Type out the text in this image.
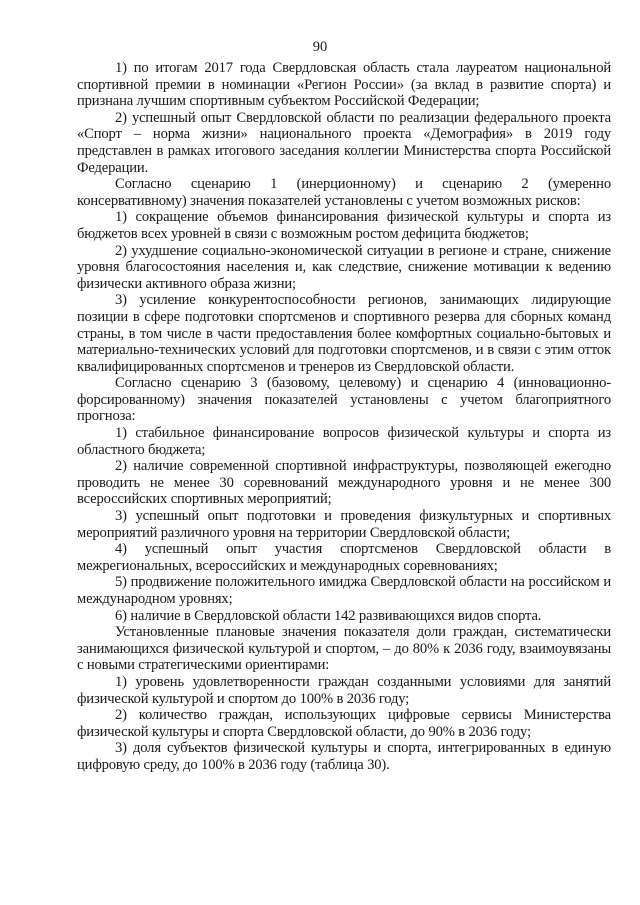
90

1) по итогам 2017 года Свердловская область стала лауреатом национальной спортивной премии в номинации «Регион России» (за вклад в развитие спорта) и признана лучшим спортивным субъектом Российской Федерации;

2) успешный опыт Свердловской области по реализации федерального проекта «Спорт – норма жизни» национального проекта «Демография» в 2019 году представлен в рамках итогового заседания коллегии Министерства спорта Российской Федерации.

Согласно сценарию 1 (инерционному) и сценарию 2 (умеренно консервативному) значения показателей установлены с учетом возможных рисков:

1) сокращение объемов финансирования физической культуры и спорта из бюджетов всех уровней в связи с возможным ростом дефицита бюджетов;

2) ухудшение социально-экономической ситуации в регионе и стране, снижение уровня благосостояния населения и, как следствие, снижение мотивации к ведению физически активного образа жизни;

3) усиление конкурентоспособности регионов, занимающих лидирующие позиции в сфере подготовки спортсменов и спортивного резерва для сборных команд страны, в том числе в части предоставления более комфортных социально-бытовых и материально-технических условий для подготовки спортсменов, и в связи с этим отток квалифицированных спортсменов и тренеров из Свердловской области.

Согласно сценарию 3 (базовому, целевому) и сценарию 4 (инновационно-форсированному) значения показателей установлены с учетом благоприятного прогноза:

1) стабильное финансирование вопросов физической культуры и спорта из областного бюджета;

2) наличие современной спортивной инфраструктуры, позволяющей ежегодно проводить не менее 30 соревнований международного уровня и не менее 300 всероссийских спортивных мероприятий;

3) успешный опыт подготовки и проведения физкультурных и спортивных мероприятий различного уровня на территории Свердловской области;

4) успешный опыт участия спортсменов Свердловской области в межрегиональных, всероссийских и международных соревнованиях;

5) продвижение положительного имиджа Свердловской области на российском и международном уровнях;

6) наличие в Свердловской области 142 развивающихся видов спорта.

Установленные плановые значения показателя доли граждан, систематически занимающихся физической культурой и спортом, – до 80% к 2036 году, взаимоувязаны с новыми стратегическими ориентирами:

1) уровень удовлетворенности граждан созданными условиями для занятий физической культурой и спортом до 100% в 2036 году;

2) количество граждан, использующих цифровые сервисы Министерства физической культуры и спорта Свердловской области, до 90% в 2036 году;

3) доля субъектов физической культуры и спорта, интегрированных в единую цифровую среду, до 100% в 2036 году (таблица 30).
